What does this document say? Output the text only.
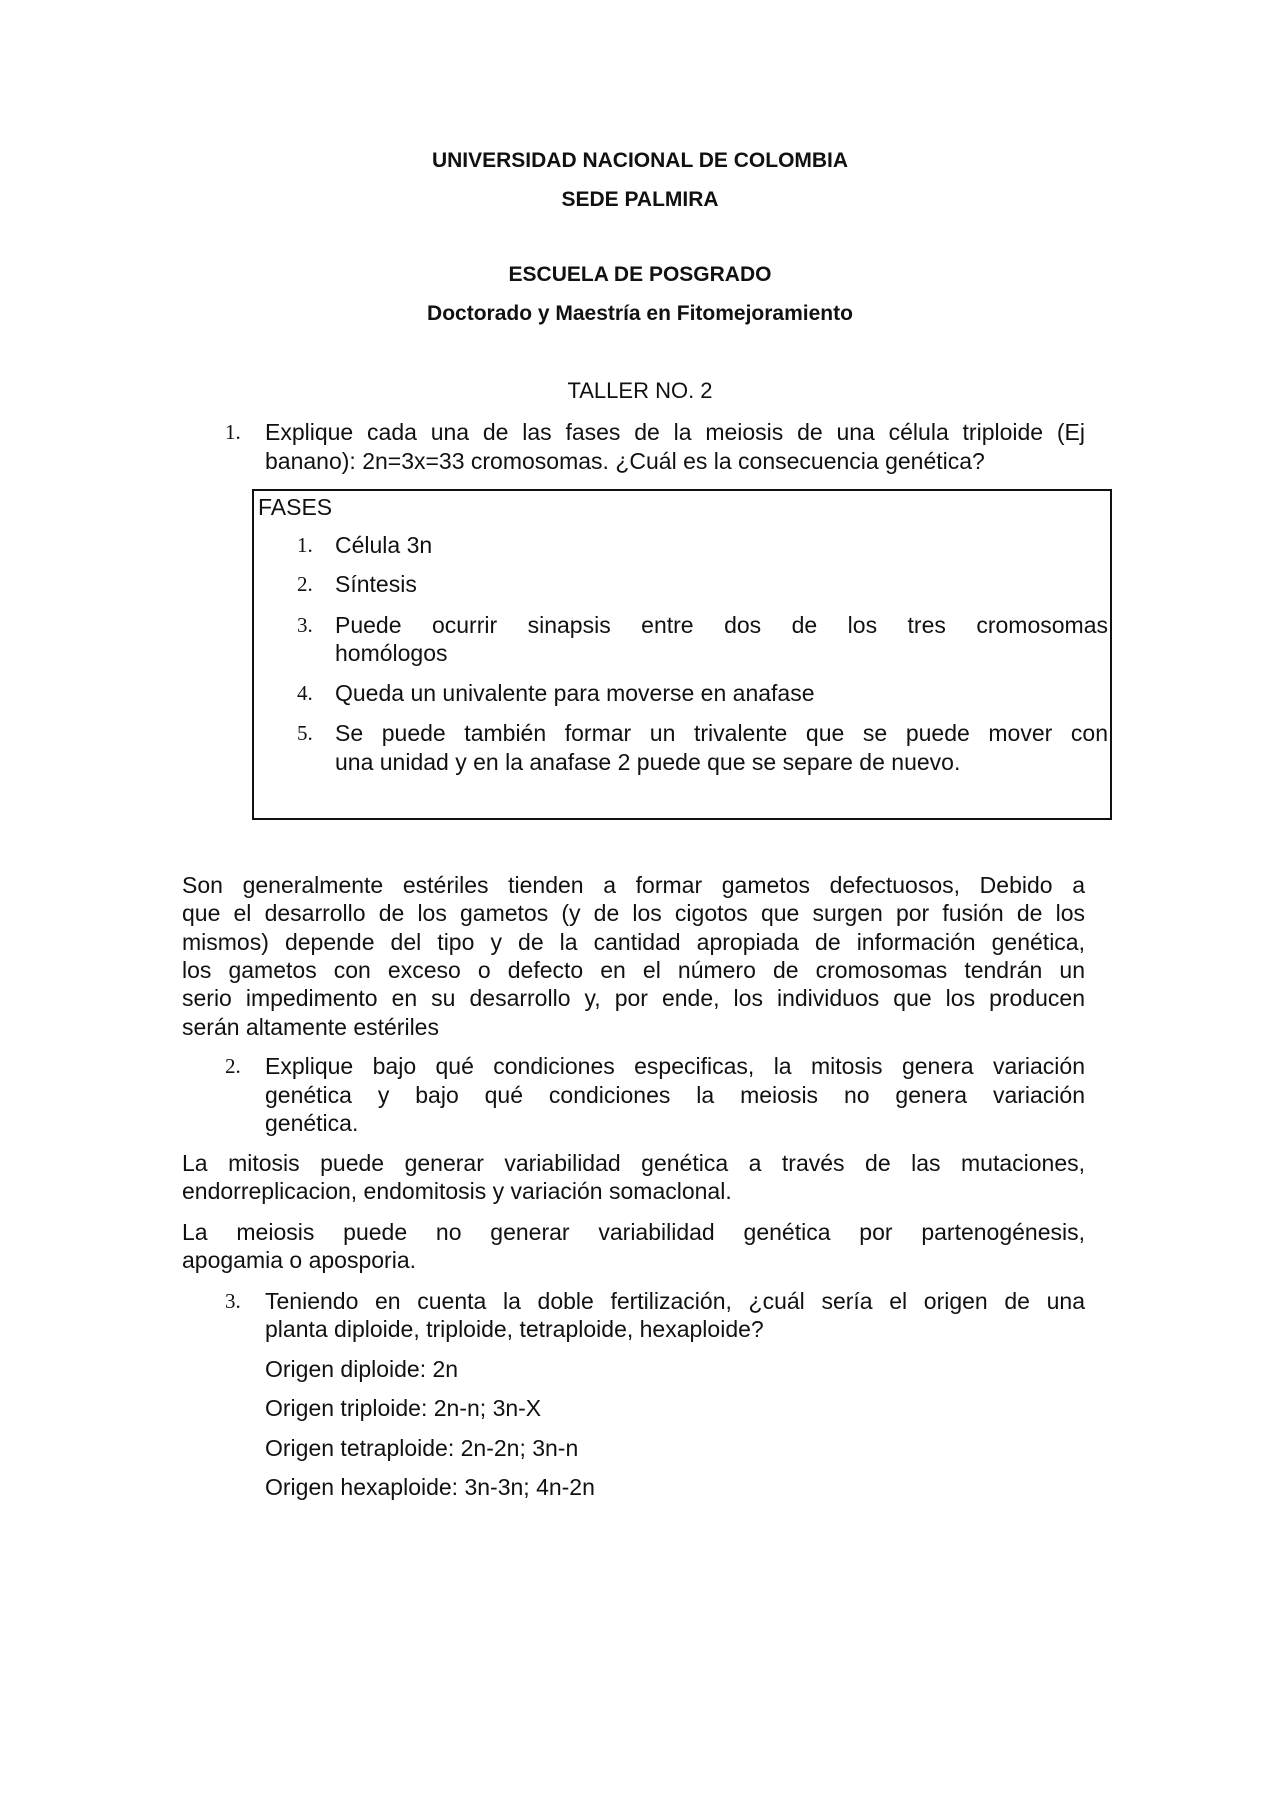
UNIVERSIDAD NACIONAL DE COLOMBIA
SEDE PALMIRA
ESCUELA DE POSGRADO
Doctorado y Maestría en Fitomejoramiento
TALLER NO. 2
1. Explique cada una de las fases de la meiosis de una célula triploide (Ej
banano): 2n=3x=33 cromosomas. ¿Cuál es la consecuencia genética?
FASES
1. Célula 3n
2. Síntesis
3. Puede ocurrir sinapsis entre dos de los tres cromosomas
homólogos
4. Queda un univalente para moverse en anafase
5. Se puede también formar un trivalente que se puede mover con
una unidad y en la anafase 2 puede que se separe de nuevo.
Son generalmente estériles tienden a formar gametos defectuosos, Debido a
que el desarrollo de los gametos (y de los cigotos que surgen por fusión de los
mismos) depende del tipo y de la cantidad apropiada de información genética,
los gametos con exceso o defecto en el número de cromosomas tendrán un
serio impedimento en su desarrollo y, por ende, los individuos que los producen
serán altamente estériles
2. Explique bajo qué condiciones especificas, la mitosis genera variación
genética y bajo qué condiciones la meiosis no genera variación
genética.
La mitosis puede generar variabilidad genética a través de las mutaciones,
endorreplicacion, endomitosis y variación somaclonal.
La meiosis puede no generar variabilidad genética por partenogénesis,
apogamia o aposporia.
3. Teniendo en cuenta la doble fertilización, ¿cuál sería el origen de una
planta diploide, triploide, tetraploide, hexaploide?
Origen diploide: 2n
Origen triploide: 2n-n; 3n-X
Origen tetraploide: 2n-2n; 3n-n
Origen hexaploide: 3n-3n; 4n-2n
